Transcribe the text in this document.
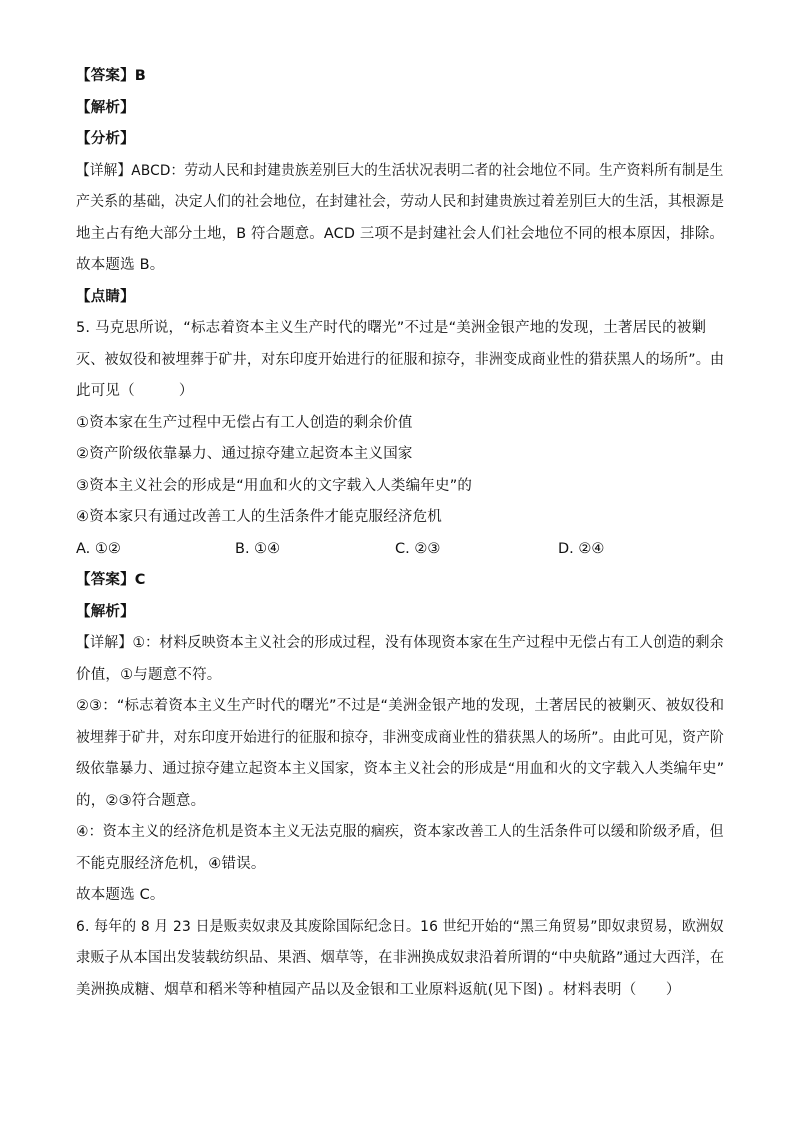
【答案】B
【解析】
【分析】
【详解】ABCD：劳动人民和封建贵族差别巨大的生活状况表明二者的社会地位不同。生产资料所有制是生
产关系的基础，决定人们的社会地位，在封建社会，劳动人民和封建贵族过着差别巨大的生活，其根源是
地主占有绝大部分土地，B 符合题意。ACD 三项不是封建社会人们社会地位不同的根本原因，排除。
故本题选 B。
【点睛】
5. 马克思所说，“标志着资本主义生产时代的曙光”不过是“美洲金银产地的发现，土著居民的被剿
灭、被奴役和被埋葬于矿井，对东印度开始进行的征服和掠夺，非洲变成商业性的猎获黑人的场所”。由
此可见（　　　）
①资本家在生产过程中无偿占有工人创造的剩余价值
②资产阶级依靠暴力、通过掠夺建立起资本主义国家
③资本主义社会的形成是“用血和火的文字载入人类编年史”的
④资本家只有通过改善工人的生活条件才能克服经济危机
A. ①②	B. ①④	C. ②③	D. ②④
【答案】C
【解析】
【详解】①：材料反映资本主义社会的形成过程，没有体现资本家在生产过程中无偿占有工人创造的剩余
价值，①与题意不符。
②③：“标志着资本主义生产时代的曙光”不过是“美洲金银产地的发现，土著居民的被剿灭、被奴役和
被埋葬于矿井，对东印度开始进行的征服和掠夺，非洲变成商业性的猎获黑人的场所”。由此可见，资产阶
级依靠暴力、通过掠夺建立起资本主义国家，资本主义社会的形成是“用血和火的文字载入人类编年史”
的，②③符合题意。
④：资本主义的经济危机是资本主义无法克服的痼疾，资本家改善工人的生活条件可以缓和阶级矛盾，但
不能克服经济危机，④错误。
故本题选 C。
6. 每年的 8 月 23 日是贩卖奴隶及其废除国际纪念日。16 世纪开始的“黑三角贸易”即奴隶贸易，欧洲奴
隶贩子从本国出发装载纺织品、果酒、烟草等，在非洲换成奴隶沿着所谓的“中央航路”通过大西洋，在
美洲换成糖、烟草和稻米等种植园产品以及金银和工业原料返航(见下图) 。材料表明（　　）
